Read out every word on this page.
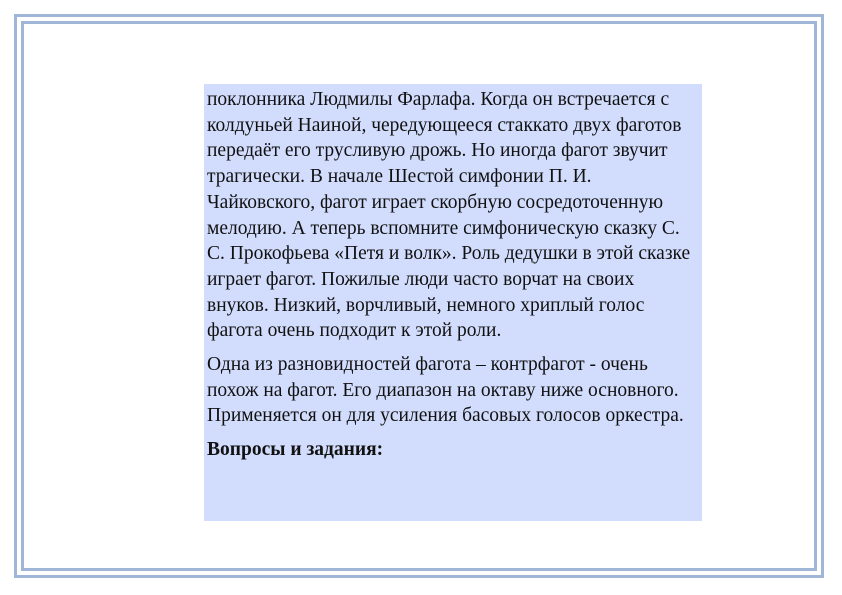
поклонника Людмилы Фарлафа. Когда он встречается с колдуньей Наиной, чередующееся стаккато двух фаготов передаёт его трусливую дрожь. Но иногда фагот звучит трагически. В начале Шестой симфонии П. И. Чайковского, фагот играет скорбную сосредоточенную мелодию. А теперь вспомните симфоническую сказку С. С. Прокофьева «Петя и волк». Роль дедушки в этой сказке играет фагот. Пожилые люди часто ворчат на своих внуков. Низкий, ворчливый, немного хриплый голос фагота очень подходит к этой роли.

Одна из разновидностей фагота – контрфагот - очень похож на фагот. Его диапазон на октаву ниже основного. Применяется он для усиления басовых голосов оркестра.

Вопросы и задания:
